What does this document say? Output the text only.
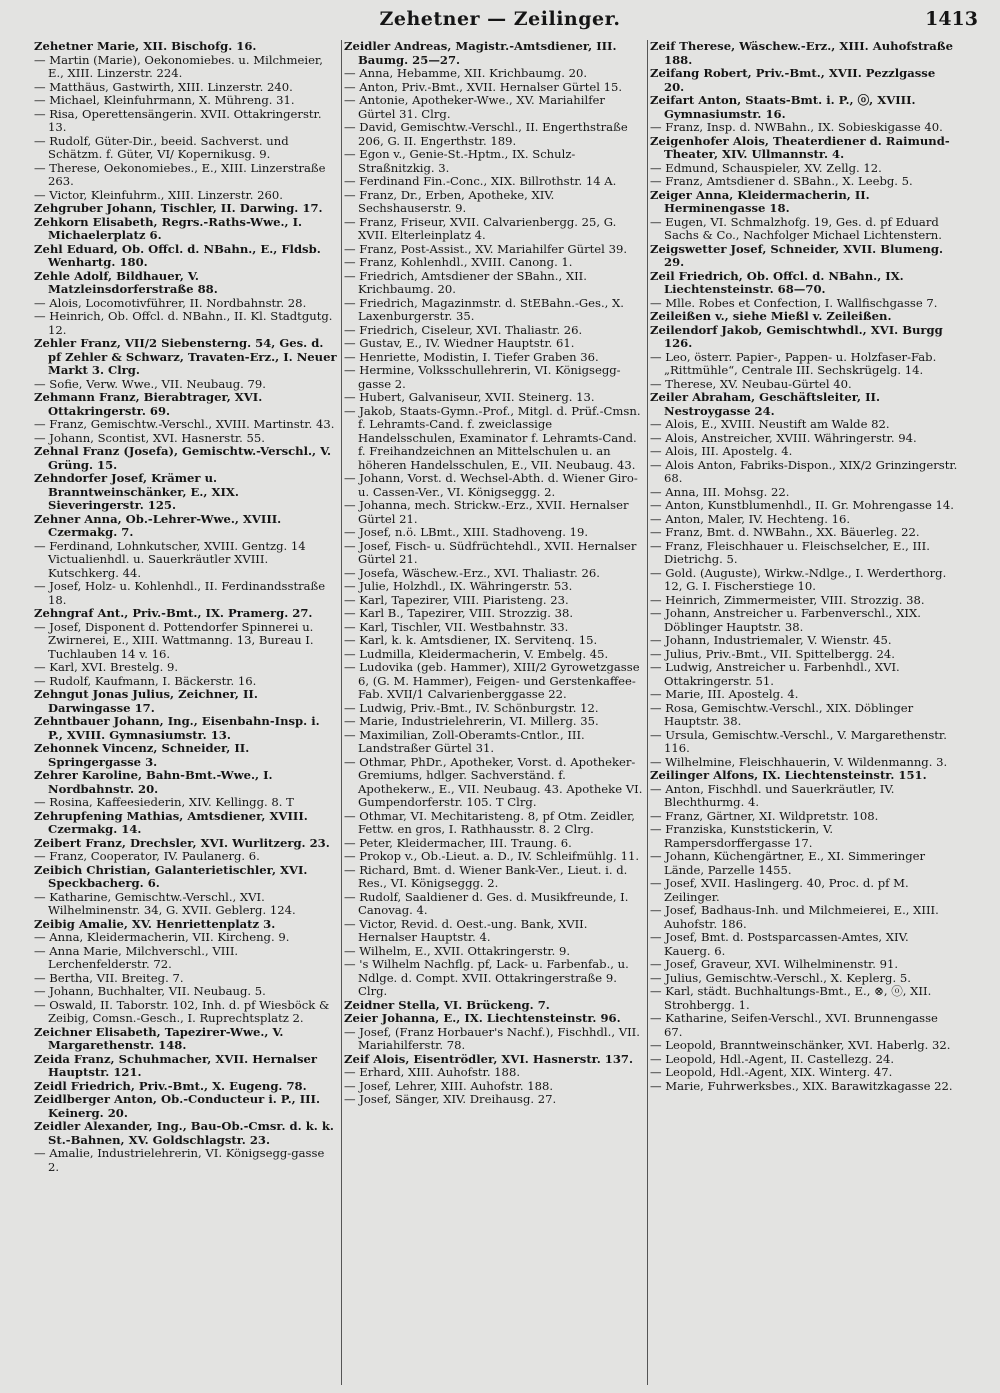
Zehetner — Zeilinger.	1413

Zehetner Marie, XII. Bischofg. 16.

— Martin (Marie), Oekonomiebes. u. Milchmeier, E., XIII. Linzerstr. 224.

— Matthäus, Gastwirth, XIII. Linzerstr. 240.

— Michael, Kleinfuhrmann, X. Mühreng. 31.

— Risa, Operettensängerin. XVII. Ottakringerstr. 13.

— Rudolf, Güter-Dir., beeid. Sachverst. und Schätzm. f. Güter, VI/ Kopernikusg. 9.

— Therese, Oekonomiebes., E., XIII. Linzerstraße 263.

— Victor, Kleinfuhrm., XIII. Linzerstr. 260.

Zehgruber Johann, Tischler, II. Darwing. 17.

Zehkorn Elisabeth, Regrs.-Raths-Wwe., I. Michaelerplatz 6.

Zehl Eduard, Ob. Offcl. d. NBahn., E., Fldsb. Wenhartg. 180.

Zehle Adolf, Bildhauer, V. Matzleinsdorferstraße 88.

— Alois, Locomotivführer, II. Nordbahnstr. 28.

— Heinrich, Ob. Offcl. d. NBahn., II. Kl. Stadtgutg. 12.

Zehler Franz, VII/2 Siebensterng. 54, Ges. d. pf Zehler & Schwarz, Travaten-Erz., I. Neuer Markt 3. Clrg.

— Sofie, Verw. Wwe., VII. Neubaug. 79.

Zehmann Franz, Bierabtrager, XVI. Ottakringerstr. 69.

— Franz, Gemischtw.-Verschl., XVIII. Martinstr. 43.

— Johann, Scontist, XVI. Hasnerstr. 55.

Zehnal Franz (Josefa), Gemischtw.-Verschl., V. Grüng. 15.

Zehndorfer Josef, Krämer u. Branntweinschänker, E., XIX. Sieveringerstr. 125.

Zehner Anna, Ob.-Lehrer-Wwe., XVIII. Czermakg. 7.

— Ferdinand, Lohnkutscher, XVIII. Gentzg. 14 Victualienhdl. u. Sauerkräutler XVIII. Kutschkerg. 44.

— Josef, Holz- u. Kohlenhdl., II. Ferdinandsstraße 18.

Zehngraf Ant., Priv.-Bmt., IX. Pramerg. 27.

— Josef, Disponent d. Pottendorfer Spinnerei u. Zwirnerei, E., XIII. Wattmanng. 13, Bureau I. Tuchlauben 14 v. 16.

— Karl, XVI. Brestelg. 9.

— Rudolf, Kaufmann, I. Bäckerstr. 16.

Zehngut Jonas Julius, Zeichner, II. Darwingasse 17.

Zehntbauer Johann, Ing., Eisenbahn-Insp. i. P., XVIII. Gymnasiumstr. 13.

Zehonnek Vincenz, Schneider, II. Springergasse 3.

Zehrer Karoline, Bahn-Bmt.-Wwe., I. Nordbahnstr. 20.

— Rosina, Kaffeesiederin, XIV. Kellingg. 8. T

Zehrupfening Mathias, Amtsdiener, XVIII. Czermakg. 14.

Zeibert Franz, Drechsler, XVI. Wurlitzerg. 23.

— Franz, Cooperator, IV. Paulanerg. 6.

Zeibich Christian, Galanterietischler, XVI. Speckbacherg. 6.

— Katharine, Gemischtw.-Verschl., XVI. Wilhelminenstr. 34, G. XVII. Geblerg. 124.

Zeibig Amalie, XV. Henriettenplatz 3.

— Anna, Kleidermacherin, VII. Kircheng. 9.

— Anna Marie, Milchverschl., VIII. Lerchenfelderstr. 72.

— Bertha, VII. Breiteg. 7.

— Johann, Buchhalter, VII. Neubaug. 5.

— Oswald, II. Taborstr. 102, Inh. d. pf Wiesböck & Zeibig, Comsn.-Gesch., I. Ruprechtsplatz 2.

Zeichner Elisabeth, Tapezirer-Wwe., V. Margarethenstr. 148.

Zeida Franz, Schuhmacher, XVII. Hernalser Hauptstr. 121.

Zeidl Friedrich, Priv.-Bmt., X. Eugeng. 78.

Zeidlberger Anton, Ob.-Conducteur i. P., III. Keinerg. 20.

Zeidler Alexander, Ing., Bau-Ob.-Cmsr. d. k. k. St.-Bahnen, XV. Goldschlagstr. 23.

— Amalie, Industrielehrerin, VI. Königsegg-gasse 2.

Zeidler Andreas, Magistr.-Amtsdiener, III. Baumg. 25—27.

— Anna, Hebamme, XII. Krichbaumg. 20.

— Anton, Priv.-Bmt., XVII. Hernalser Gürtel 15.

— Antonie, Apotheker-Wwe., XV. Mariahilfer Gürtel 31. Clrg.

— David, Gemischtw.-Verschl., II. Engerthstraße 206, G. II. Engerthstr. 189.

— Egon v., Genie-St.-Hptm., IX. Schulz-Straßnitzkig. 3.

— Ferdinand Fin.-Conc., XIX. Billrothstr. 14 A.

— Franz, Dr., Erben, Apotheke, XIV. Sechshauserstr. 9.

— Franz, Friseur, XVII. Calvarienbergg. 25, G. XVII. Elterleinplatz 4.

— Franz, Post-Assist., XV. Mariahilfer Gürtel 39.

— Franz, Kohlenhdl., XVIII. Canong. 1.

— Friedrich, Amtsdiener der SBahn., XII. Krichbaumg. 20.

— Friedrich, Magazinmstr. d. StEBahn.-Ges., X. Laxenburgerstr. 35.

— Friedrich, Ciseleur, XVI. Thaliastr. 26.

— Gustav, E., IV. Wiedner Hauptstr. 61.

— Henriette, Modistin, I. Tiefer Graben 36.

— Hermine, Volksschullehrerin, VI. Königsegg-gasse 2.

— Hubert, Galvaniseur, XVII. Steinerg. 13.

— Jakob, Staats-Gymn.-Prof., Mitgl. d. Prüf.-Cmsn. f. Lehramts-Cand. f. zweiclassige Handelsschulen, Examinator f. Lehramts-Cand. f. Freihandzeichnen an Mittelschulen u. an höheren Handelsschulen, E., VII. Neubaug. 43.

— Johann, Vorst. d. Wechsel-Abth. d. Wiener Giro- u. Cassen-Ver., VI. Königseggg. 2.

— Johanna, mech. Strickw.-Erz., XVII. Hernalser Gürtel 21.

— Josef, n.ö. LBmt., XIII. Stadhoveng. 19.

— Josef, Fisch- u. Südfrüchtehdl., XVII. Hernalser Gürtel 21.

— Josefa, Wäschew.-Erz., XVI. Thaliastr. 26.

— Julie, Holzhdl., IX. Währingerstr. 53.

— Karl, Tapezirer, VIII. Piaristeng. 23.

— Karl B., Tapezirer, VIII. Strozzig. 38.

— Karl, Tischler, VII. Westbahnstr. 33.

— Karl, k. k. Amtsdiener, IX. Servitenq. 15.

— Ludmilla, Kleidermacherin, V. Embelg. 45.

— Ludovika (geb. Hammer), XIII/2 Gyrowetzgasse 6, (G. M. Hammer), Feigen- und Gerstenkaffee-Fab. XVII/1 Calvarienberggasse 22.

— Ludwig, Priv.-Bmt., IV. Schönburgstr. 12.

— Marie, Industrielehrerin, VI. Millerg. 35.

— Maximilian, Zoll-Oberamts-Cntlor., III. Landstraßer Gürtel 31.

— Othmar, PhDr., Apotheker, Vorst. d. Apotheker-Gremiums, hdlger. Sachverständ. f. Apothekerw., E., VII. Neubaug. 43. Apotheke VI. Gumpendorferstr. 105. T Clrg.

— Othmar, VI. Mechitaristeng. 8, pf Otm. Zeidler, Fettw. en gros, I. Rathhausstr. 8. 2 Clrg.

— Peter, Kleidermacher, III. Traung. 6.

— Prokop v., Ob.-Lieut. a. D., IV. Schleifmühlg. 11.

— Richard, Bmt. d. Wiener Bank-Ver., Lieut. i. d. Res., VI. Königseggg. 2.

— Rudolf, Saaldiener d. Ges. d. Musikfreunde, I. Canovag. 4.

— Victor, Revid. d. Oest.-ung. Bank, XVII. Hernalser Hauptstr. 4.

— Wilhelm, E., XVII. Ottakringerstr. 9.

— 's Wilhelm Nachflg. pf, Lack- u. Farbenfab., u. Ndlge. d. Compt. XVII. Ottakringerstraße 9. Clrg.

Zeidner Stella, VI. Brückeng. 7.

Zeier Johanna, E., IX. Liechtensteinstr. 96.

— Josef, (Franz Horbauer's Nachf.), Fischhdl., VII. Mariahilferstr. 78.

Zeif Alois, Eisentrödler, XVI. Hasnerstr. 137.

— Erhard, XIII. Auhofstr. 188.

— Josef, Lehrer, XIII. Auhofstr. 188.

— Josef, Sänger, XIV. Dreihausg. 27.

Zeif Therese, Wäschew.-Erz., XIII. Auhofstraße 188.

Zeifang Robert, Priv.-Bmt., XVII. Pezzlgasse 20.

Zeifart Anton, Staats-Bmt. i. P., ⓞ, XVIII. Gymnasiumstr. 16.

— Franz, Insp. d. NWBahn., IX. Sobieskigasse 40.

Zeigenhofer Alois, Theaterdiener d. Raimund-Theater, XIV. Ullmannstr. 4.

— Edmund, Schauspieler, XV. Zellg. 12.

— Franz, Amtsdiener d. SBahn., X. Leebg. 5.

Zeiger Anna, Kleidermacherin, II. Herminengasse 18.

— Eugen, VI. Schmalzhofg. 19, Ges. d. pf Eduard Sachs & Co., Nachfolger Michael Lichtenstern.

Zeigswetter Josef, Schneider, XVII. Blumeng. 29.

Zeil Friedrich, Ob. Offcl. d. NBahn., IX. Liechtensteinstr. 68—70.

— Mlle. Robes et Confection, I. Wallfischgasse 7.

Zeileißen v., siehe Mießl v. Zeileißen.

Zeilendorf Jakob, Gemischtwhdl., XVI. Burgg 126.

— Leo, österr. Papier-, Pappen- u. Holzfaser-Fab. „Rittmühle“, Centrale III. Sechskrügelg. 14.

— Therese, XV. Neubau-Gürtel 40.

Zeiler Abraham, Geschäftsleiter, II. Nestroygasse 24.

— Alois, E., XVIII. Neustift am Walde 82.

— Alois, Anstreicher, XVIII. Währingerstr. 94.

— Alois, III. Apostelg. 4.

— Alois Anton, Fabriks-Dispon., XIX/2 Grinzingerstr. 68.

— Anna, III. Mohsg. 22.

— Anton, Kunstblumenhdl., II. Gr. Mohrengasse 14.

— Anton, Maler, IV. Hechteng. 16.

— Franz, Bmt. d. NWBahn., XX. Bäuerleg. 22.

— Franz, Fleischhauer u. Fleischselcher, E., III. Dietrichg. 5.

— Gold. (Auguste), Wirkw.-Ndlge., I. Werderthorg. 12, G. I. Fischerstiege 10.

— Heinrich, Zimmermeister, VIII. Strozzig. 38.

— Johann, Anstreicher u. Farbenverschl., XIX. Döblinger Hauptstr. 38.

— Johann, Industriemaler, V. Wienstr. 45.

— Julius, Priv.-Bmt., VII. Spittelbergg. 24.

— Ludwig, Anstreicher u. Farbenhdl., XVI. Ottakringerstr. 51.

— Marie, III. Apostelg. 4.

— Rosa, Gemischtw.-Verschl., XIX. Döblinger Hauptstr. 38.

— Ursula, Gemischtw.-Verschl., V. Margarethenstr. 116.

— Wilhelmine, Fleischhauerin, V. Wildenmanng. 3.

Zeilinger Alfons, IX. Liechtensteinstr. 151.

— Anton, Fischhdl. und Sauerkräutler, IV. Blechthurmg. 4.

— Franz, Gärtner, XI. Wildpretstr. 108.

— Franziska, Kunststickerin, V. Rampersdorffergasse 17.

— Johann, Küchengärtner, E., XI. Simmeringer Lände, Parzelle 1455.

— Josef, XVII. Haslingerg. 40, Proc. d. pf M. Zeilinger.

— Josef, Badhaus-Inh. und Milchmeierei, E., XIII. Auhofstr. 186.

— Josef, Bmt. d. Postsparcassen-Amtes, XIV. Kauerg. 6.

— Josef, Graveur, XVI. Wilhelminenstr. 91.

— Julius, Gemischtw.-Verschl., X. Keplerg. 5.

— Karl, städt. Buchhaltungs-Bmt., E., ⊗, ⓞ, XII. Strohbergg. 1.

— Katharine, Seifen-Verschl., XVI. Brunnengasse 67.

— Leopold, Branntweinschänker, XVI. Haberlg. 32.

— Leopold, Hdl.-Agent, II. Castellezg. 24.

— Leopold, Hdl.-Agent, XIX. Winterg. 47.

— Marie, Fuhrwerksbes., XIX. Barawitzkagasse 22.
